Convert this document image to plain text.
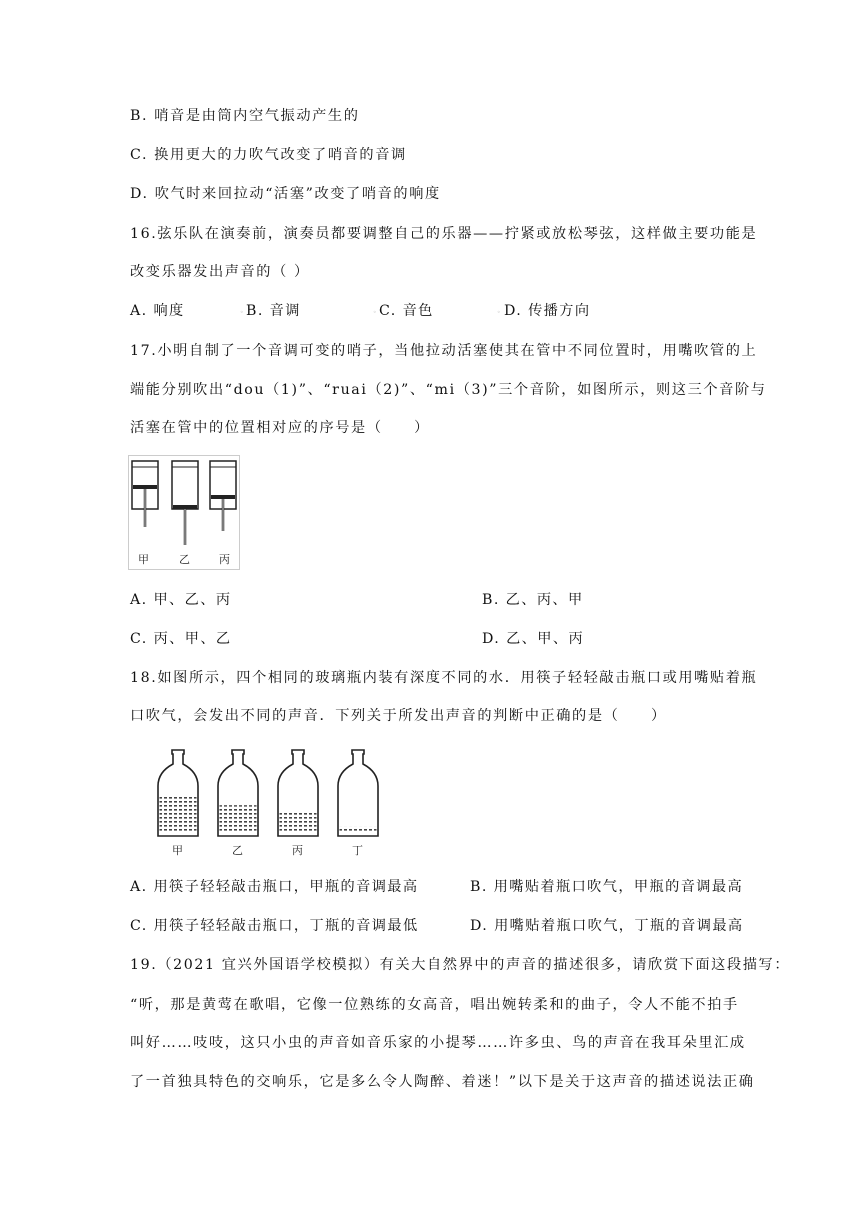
B. 哨音是由筒内空气振动产生的
C. 换用更大的力吹气改变了哨音的音调
D. 吹气时来回拉动“活塞”改变了哨音的响度
16.弦乐队在演奏前，演奏员都要调整自己的乐器——拧紧或放松琴弦，这样做主要功能是
改变乐器发出声音的（ ）
A. 响度	◦ B. 音调	◦ C. 音色	◦ D. 传播方向
17.小明自制了一个音调可变的哨子，当他拉动活塞使其在管中不同位置时，用嘴吹管的上
端能分别吹出“dou（1)”、“ruai（2)”、“mi（3)”三个音阶，如图所示，则这三个音阶与
活塞在管中的位置相对应的序号是（　　）
甲	乙	丙
A. 甲、乙、丙	B. 乙、丙、甲
C. 丙、甲、乙	D. 乙、甲、丙
18.如图所示，四个相同的玻璃瓶内装有深度不同的水．用筷子轻轻敲击瓶口或用嘴贴着瓶
口吹气，会发出不同的声音．下列关于所发出声音的判断中正确的是（　　）
甲	乙	丙	丁
A. 用筷子轻轻敲击瓶口，甲瓶的音调最高	B. 用嘴贴着瓶口吹气，甲瓶的音调最高
C. 用筷子轻轻敲击瓶口，丁瓶的音调最低	D. 用嘴贴着瓶口吹气，丁瓶的音调最高
19.（2021 宜兴外国语学校模拟）有关大自然界中的声音的描述很多，请欣赏下面这段描写：
“听，那是黄莺在歌唱，它像一位熟练的女高音，唱出婉转柔和的曲子，令人不能不拍手
叫好……吱吱，这只小虫的声音如音乐家的小提琴……许多虫、鸟的声音在我耳朵里汇成
了一首独具特色的交响乐，它是多么令人陶醉、着迷！”以下是关于这声音的描述说法正确
